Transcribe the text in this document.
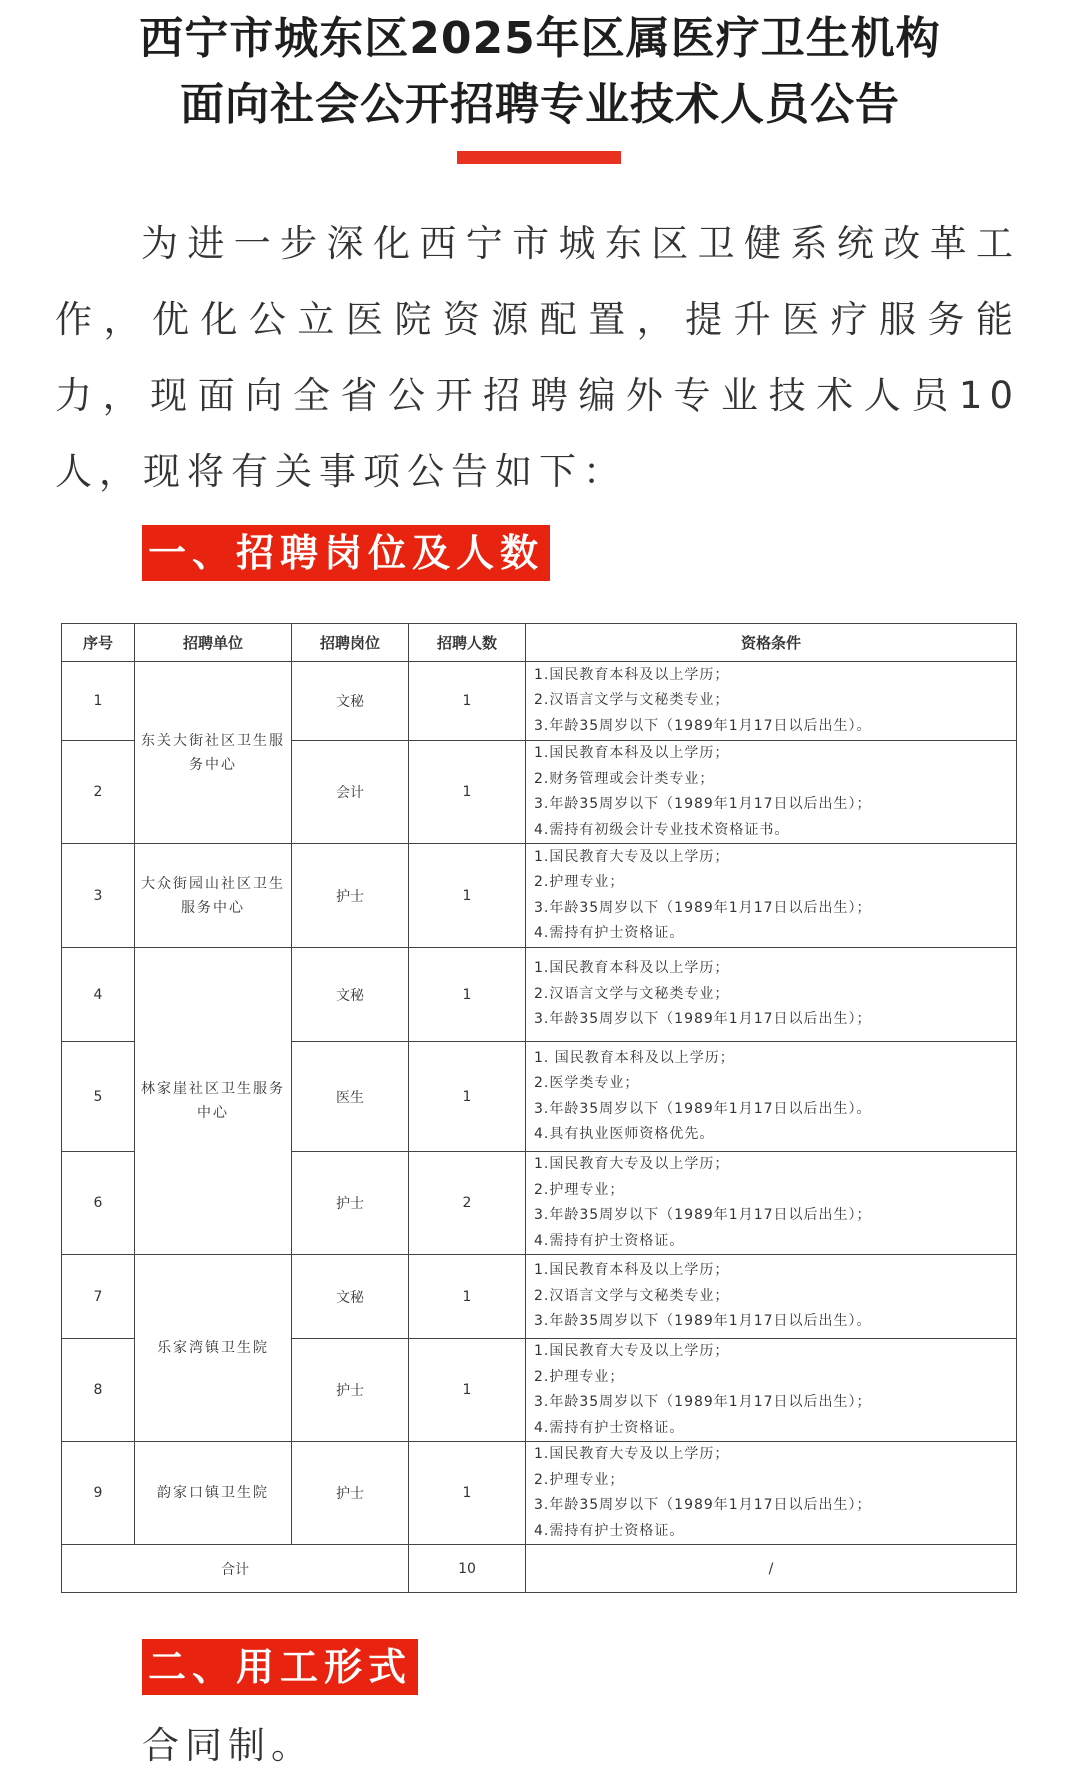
西宁市城东区2025年区属医疗卫生机构
面向社会公开招聘专业技术人员公告
为进一步深化西宁市城东区卫健系统改革工作，优化公立医院资源配置，提升医疗服务能力，现面向全省公开招聘编外专业技术人员10人，现将有关事项公告如下：
一、招聘岗位及人数
序号	招聘单位	招聘岗位	招聘人数	资格条件
1	东关大街社区卫生服务中心	文秘	1	1.国民教育本科及以上学历；
2.汉语言文学与文秘类专业；
3.年龄35周岁以下（1989年1月17日以后出生）。

2		会计	1	1.国民教育本科及以上学历；
2.财务管理或会计类专业；
3.年龄35周岁以下（1989年1月17日以后出生）；
4.需持有初级会计专业技术资格证书。

3	大众街园山社区卫生服务中心	护士	1	1.国民教育大专及以上学历；
2.护理专业；
3.年龄35周岁以下（1989年1月17日以后出生）；
4.需持有护士资格证。

4	林家崖社区卫生服务中心	文秘	1	1.国民教育本科及以上学历；
2.汉语言文学与文秘类专业；
3.年龄35周岁以下（1989年1月17日以后出生）；

5		医生	1	1. 国民教育本科及以上学历；
2.医学类专业；
3.年龄35周岁以下（1989年1月17日以后出生）。
4.具有执业医师资格优先。

6		护士	2	1.国民教育大专及以上学历；
2.护理专业；
3.年龄35周岁以下（1989年1月17日以后出生）；
4.需持有护士资格证。

7	乐家湾镇卫生院	文秘	1	1.国民教育本科及以上学历；
2.汉语言文学与文秘类专业；
3.年龄35周岁以下（1989年1月17日以后出生）。

8		护士	1	1.国民教育大专及以上学历；
2.护理专业；
3.年龄35周岁以下（1989年1月17日以后出生）；
4.需持有护士资格证。

9	韵家口镇卫生院	护士	1	1.国民教育大专及以上学历；
2.护理专业；
3.年龄35周岁以下（1989年1月17日以后出生）；
4.需持有护士资格证。

合计			10	/
二、用工形式
合同制。
